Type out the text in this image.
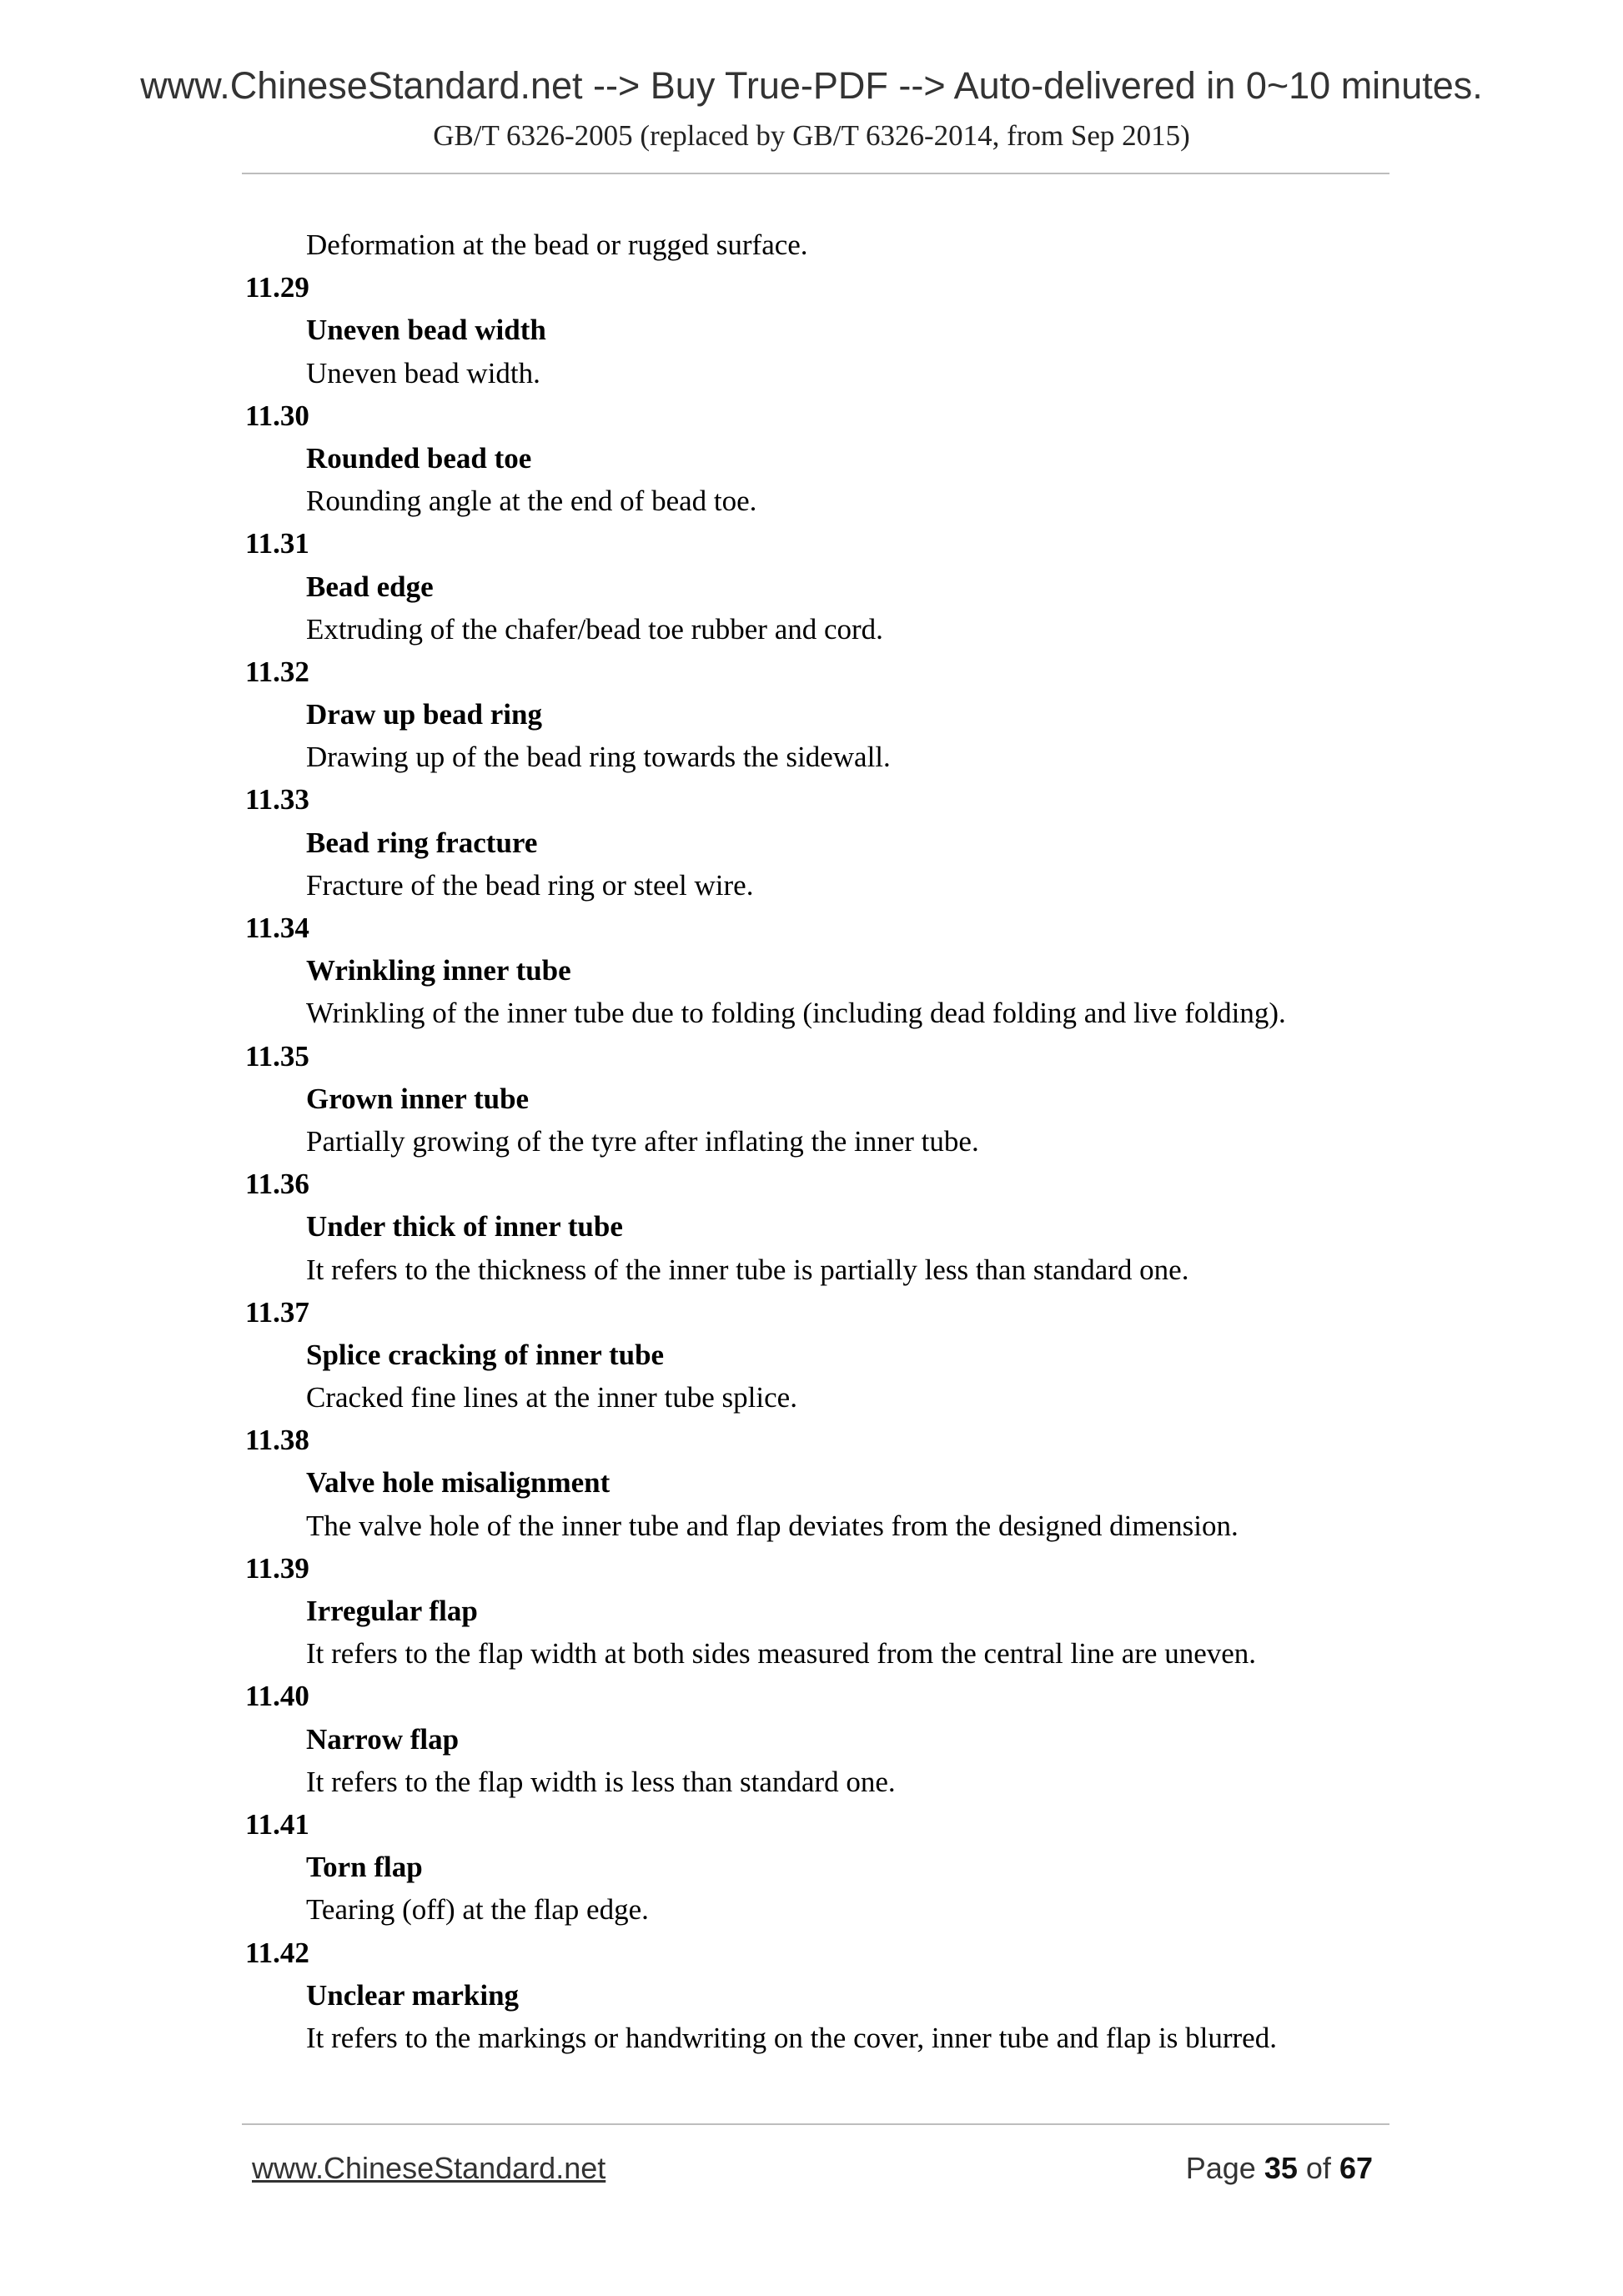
www.ChineseStandard.net --> Buy True-PDF --> Auto-delivered in 0~10 minutes.
GB/T 6326-2005 (replaced by GB/T 6326-2014, from Sep 2015)
Deformation at the bead or rugged surface.
11.29
Uneven bead width
Uneven bead width.
11.30
Rounded bead toe
Rounding angle at the end of bead toe.
11.31
Bead edge
Extruding of the chafer/bead toe rubber and cord.
11.32
Draw up bead ring
Drawing up of the bead ring towards the sidewall.
11.33
Bead ring fracture
Fracture of the bead ring or steel wire.
11.34
Wrinkling inner tube
Wrinkling of the inner tube due to folding (including dead folding and live folding).
11.35
Grown inner tube
Partially growing of the tyre after inflating the inner tube.
11.36
Under thick of inner tube
It refers to the thickness of the inner tube is partially less than standard one.
11.37
Splice cracking of inner tube
Cracked fine lines at the inner tube splice.
11.38
Valve hole misalignment
The valve hole of the inner tube and flap deviates from the designed dimension.
11.39
Irregular flap
It refers to the flap width at both sides measured from the central line are uneven.
11.40
Narrow flap
It refers to the flap width is less than standard one.
11.41
Torn flap
Tearing (off) at the flap edge.
11.42
Unclear marking
It refers to the markings or handwriting on the cover, inner tube and flap is blurred.
www.ChineseStandard.net	Page 35 of 67
